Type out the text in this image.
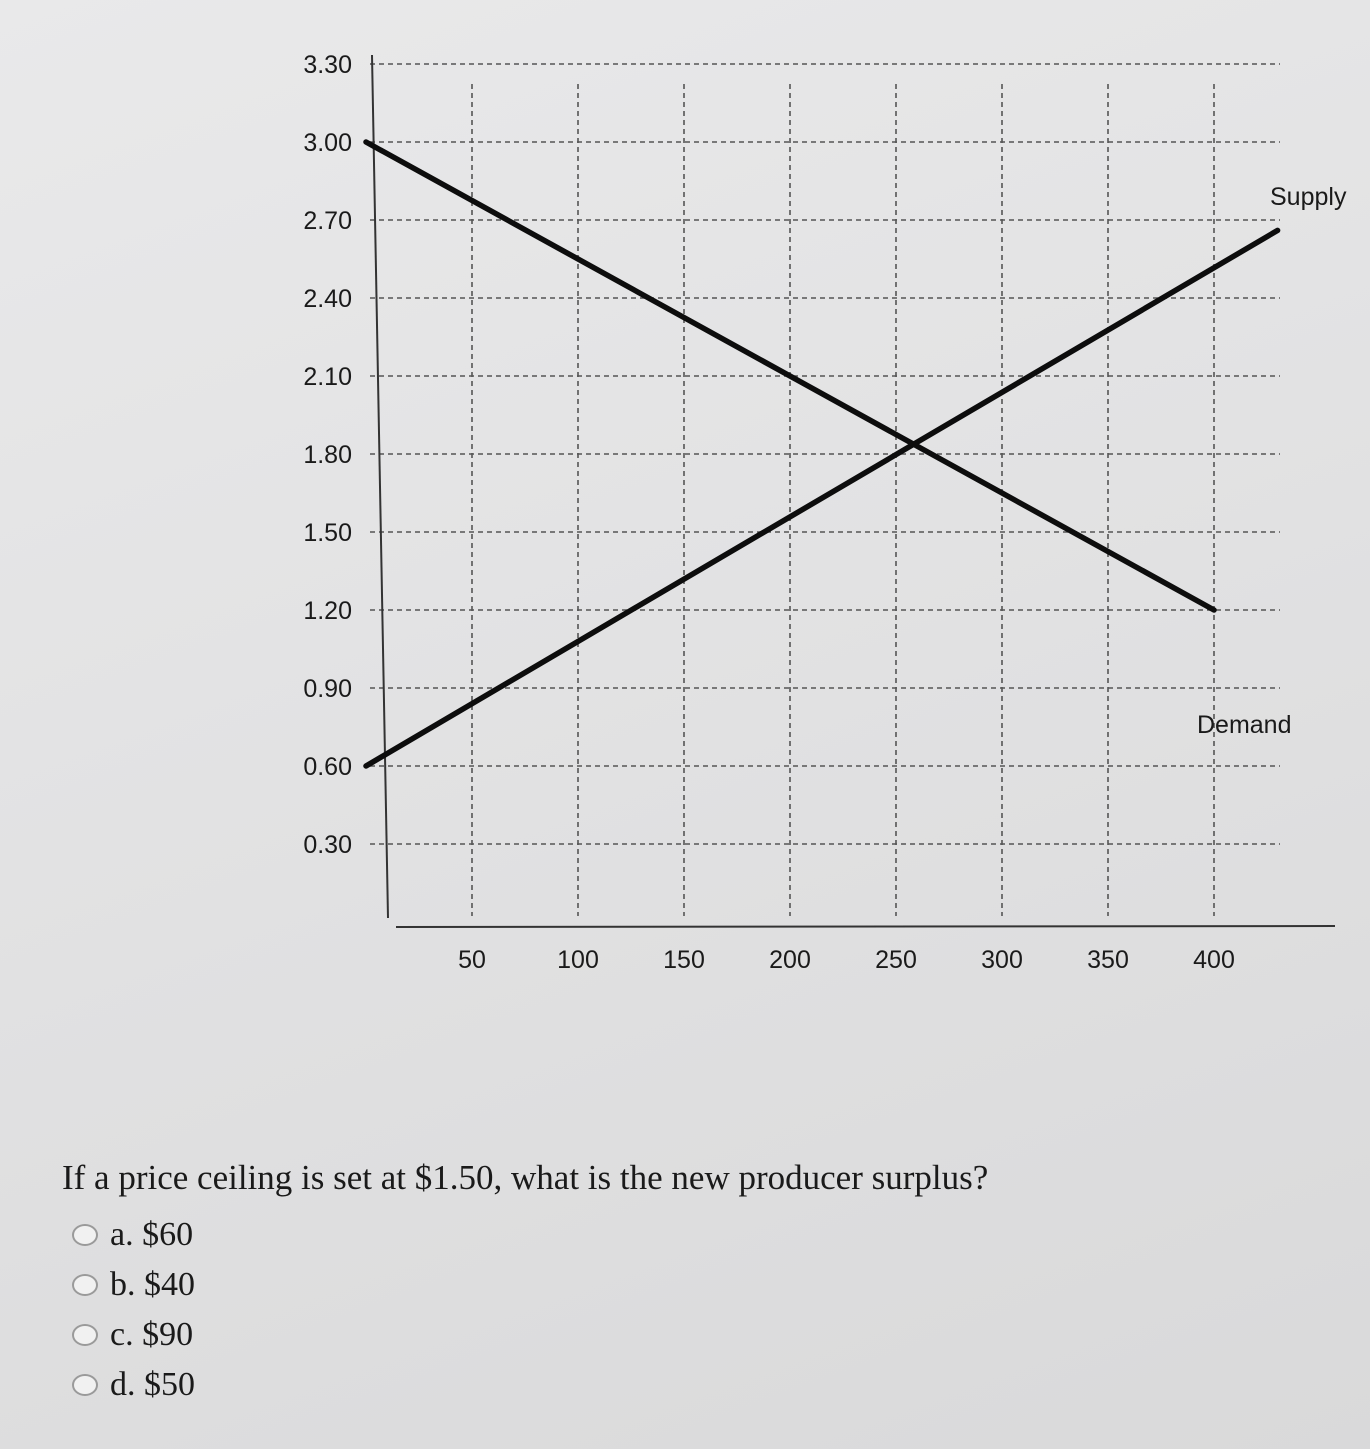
0.30
0.60
0.90
1.20
1.50
1.80
2.10
2.40
2.70
3.00
3.30
50	100	150	200	250	300	350	400
Supply
Demand
If a price ceiling is set at $1.50, what is the new producer surplus?
a. $60
b. $40
c. $90
d. $50
